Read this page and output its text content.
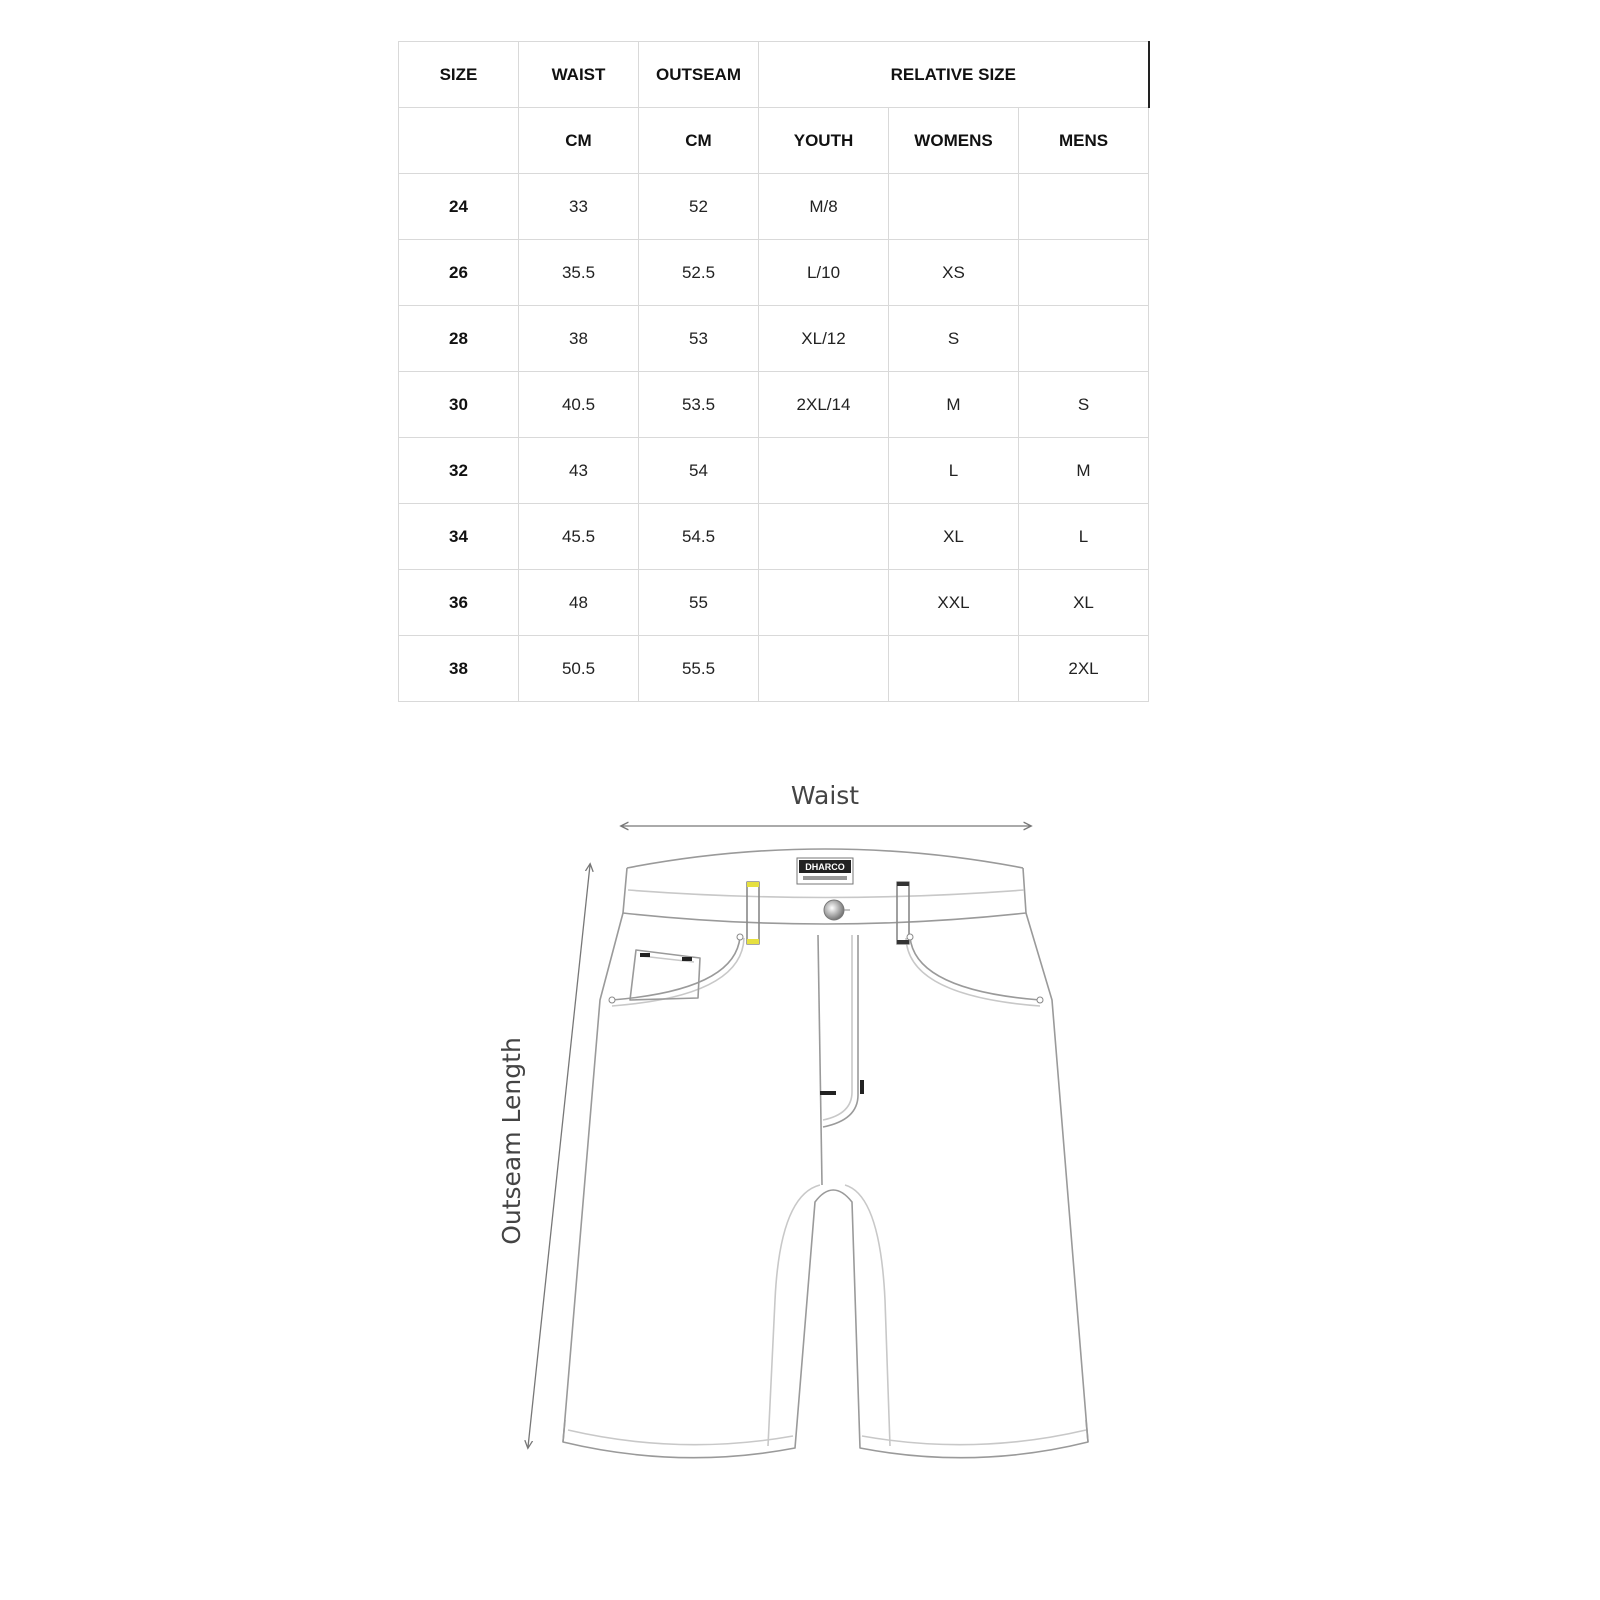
SIZE	WAIST	OUTSEAM	RELATIVE SIZE		
	CM	CM	YOUTH	WOMENS	MENS
24	33	52	M/8		
26	35.5	52.5	L/10	XS	
28	38	53	XL/12	S	
30	40.5	53.5	2XL/14	M	S
32	43	54		L	M
34	45.5	54.5		XL	L
36	48	55		XXL	XL
38	50.5	55.5			2XL
Waist
Outseam Length
DHARCO
